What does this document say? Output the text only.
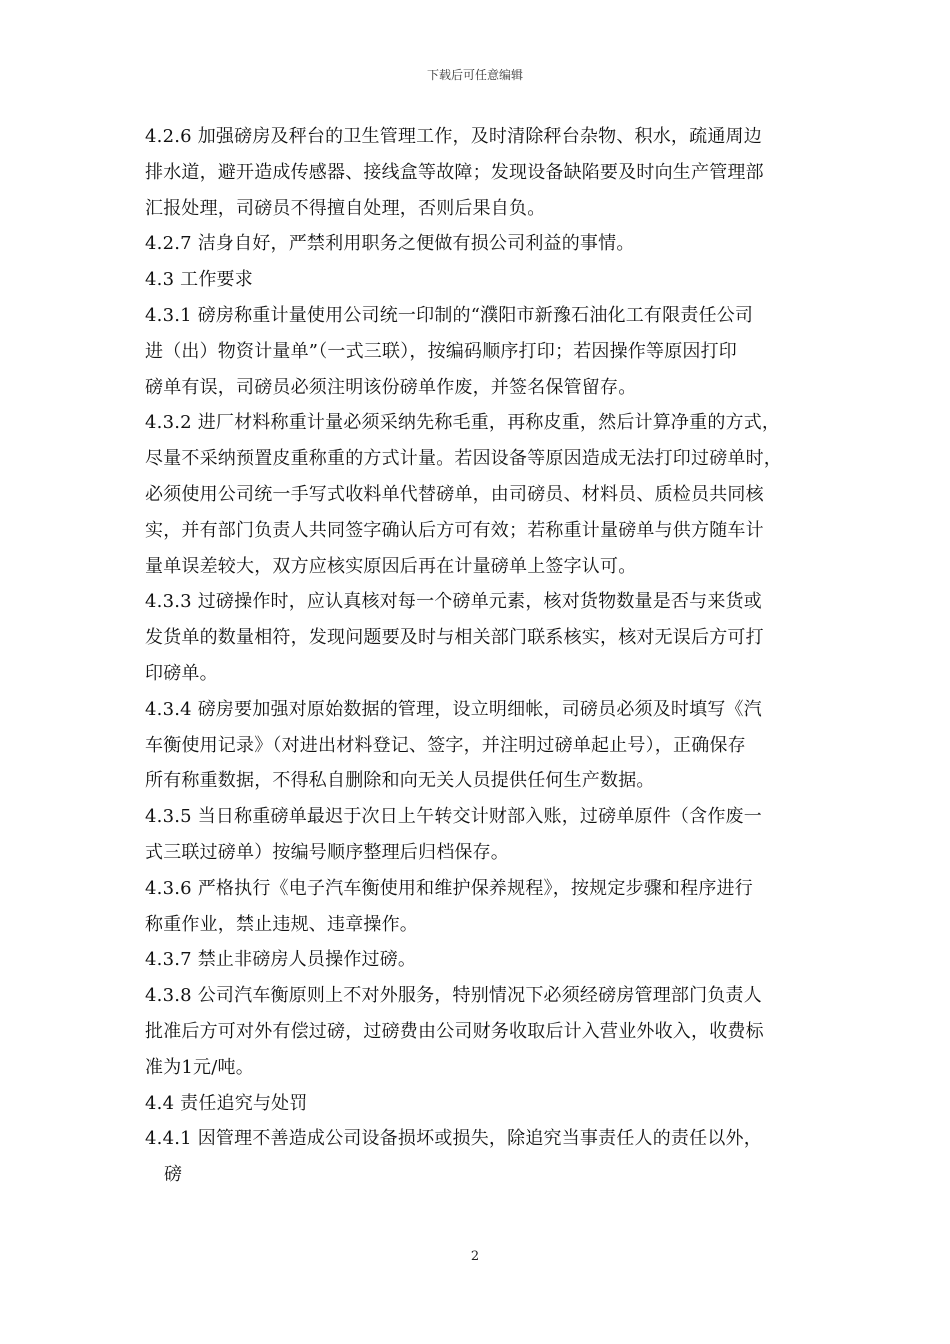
下载后可任意编辑

4.2.6 加强磅房及秤台的卫生管理工作，及时清除秤台杂物、积水，疏通周边
排水道，避开造成传感器、接线盒等故障；发现设备缺陷要及时向生产管理部
汇报处理，司磅员不得擅自处理，否则后果自负。

4.2.7 洁身自好，严禁利用职务之便做有损公司利益的事情。

4.3 工作要求

4.3.1 磅房称重计量使用公司统一印制的“濮阳市新豫石油化工有限责任公司
进（出）物资计量单”（一式三联），按编码顺序打印；若因操作等原因打印
磅单有误，司磅员必须注明该份磅单作废，并签名保管留存。

4.3.2 进厂材料称重计量必须采纳先称毛重，再称皮重，然后计算净重的方式，
尽量不采纳预置皮重称重的方式计量。若因设备等原因造成无法打印过磅单时，
必须使用公司统一手写式收料单代替磅单，由司磅员、材料员、质检员共同核
实，并有部门负责人共同签字确认后方可有效；若称重计量磅单与供方随车计
量单误差较大，双方应核实原因后再在计量磅单上签字认可。

4.3.3 过磅操作时，应认真核对每一个磅单元素，核对货物数量是否与来货或
发货单的数量相符，发现问题要及时与相关部门联系核实，核对无误后方可打
印磅单。

4.3.4 磅房要加强对原始数据的管理，设立明细帐，司磅员必须及时填写《汽
车衡使用记录》（对进出材料登记、签字，并注明过磅单起止号），正确保存
所有称重数据，不得私自删除和向无关人员提供任何生产数据。

4.3.5 当日称重磅单最迟于次日上午转交计财部入账，过磅单原件（含作废一
式三联过磅单）按编号顺序整理后归档保存。

4.3.6 严格执行《电子汽车衡使用和维护保养规程》，按规定步骤和程序进行
称重作业，禁止违规、违章操作。

4.3.7 禁止非磅房人员操作过磅。

4.3.8 公司汽车衡原则上不对外服务，特别情况下必须经磅房管理部门负责人
批准后方可对外有偿过磅，过磅费由公司财务收取后计入营业外收入，收费标
准为1元/吨。

4.4 责任追究与处罚

4.4.1 因管理不善造成公司设备损坏或损失，除追究当事责任人的责任以外，
磅

2
